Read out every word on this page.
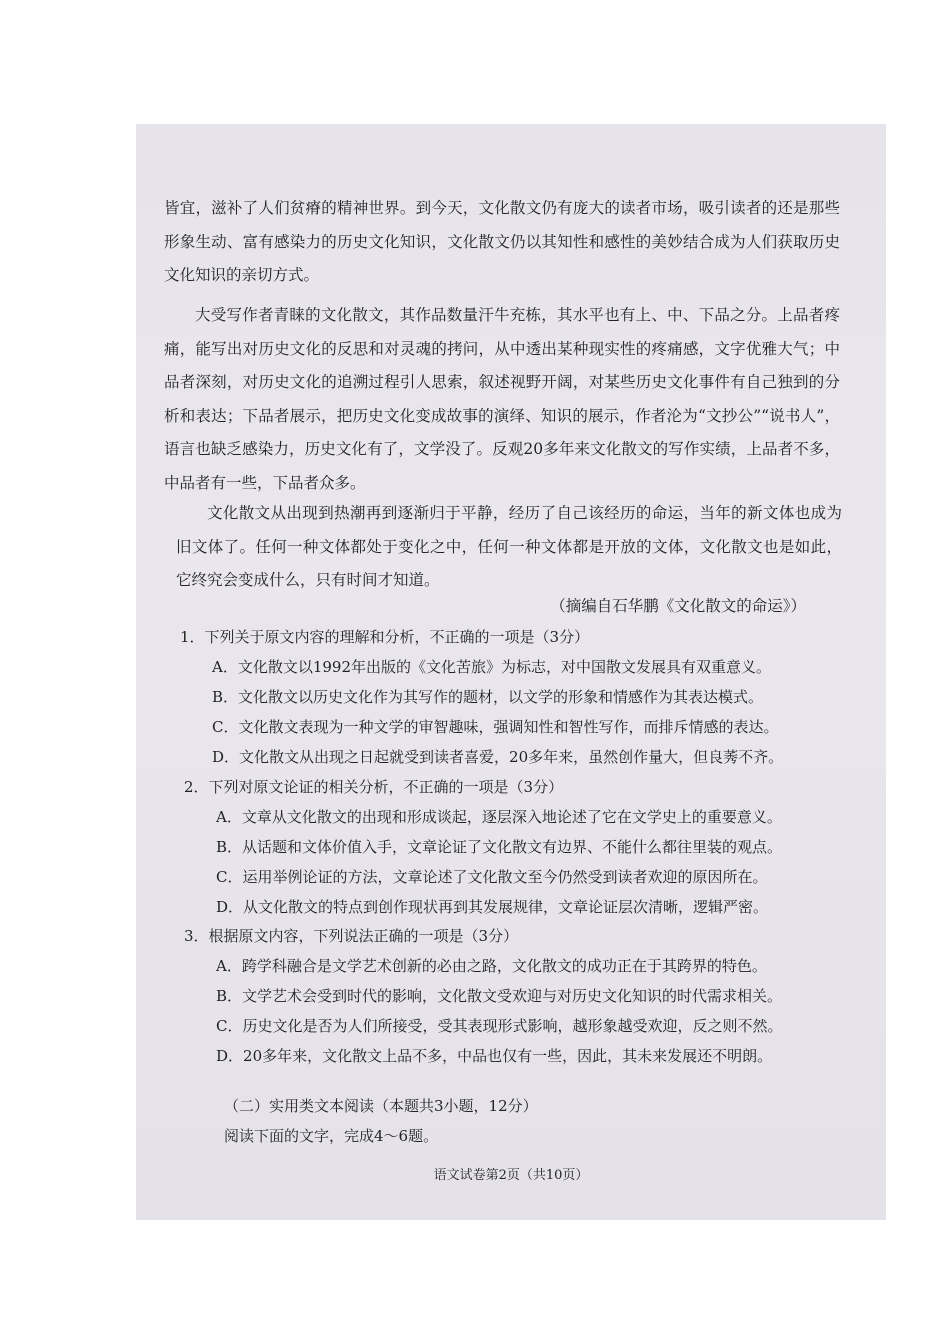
皆宜，滋补了人们贫瘠的精神世界。到今天，文化散文仍有庞大的读者市场，吸引读者的还是那些形象生动、富有感染力的历史文化知识，文化散文仍以其知性和感性的美妙结合成为人们获取历史文化知识的亲切方式。

大受写作者青睐的文化散文，其作品数量汗牛充栋，其水平也有上、中、下品之分。上品者疼痛，能写出对历史文化的反思和对灵魂的拷问，从中透出某种现实性的疼痛感，文字优雅大气；中品者深刻，对历史文化的追溯过程引人思索，叙述视野开阔，对某些历史文化事件有自己独到的分析和表达；下品者展示，把历史文化变成故事的演绎、知识的展示，作者沦为“文抄公”“说书人”，语言也缺乏感染力，历史文化有了，文学没了。反观20多年来文化散文的写作实绩，上品者不多，中品者有一些，下品者众多。

文化散文从出现到热潮再到逐渐归于平静，经历了自己该经历的命运，当年的新文体也成为旧文体了。任何一种文体都处于变化之中，任何一种文体都是开放的文体，文化散文也是如此，它终究会变成什么，只有时间才知道。

（摘编自石华鹏《文化散文的命运》）

1．下列关于原文内容的理解和分析，不正确的一项是（3分）

A．文化散文以1992年出版的《文化苦旅》为标志，对中国散文发展具有双重意义。

B．文化散文以历史文化作为其写作的题材，以文学的形象和情感作为其表达模式。

C．文化散文表现为一种文学的审智趣味，强调知性和智性写作，而排斥情感的表达。

D．文化散文从出现之日起就受到读者喜爱，20多年来，虽然创作量大，但良莠不齐。

2．下列对原文论证的相关分析，不正确的一项是（3分）

A．文章从文化散文的出现和形成谈起，逐层深入地论述了它在文学史上的重要意义。

B．从话题和文体价值入手，文章论证了文化散文有边界、不能什么都往里装的观点。

C．运用举例论证的方法，文章论述了文化散文至今仍然受到读者欢迎的原因所在。

D．从文化散文的特点到创作现状再到其发展规律，文章论证层次清晰，逻辑严密。

3．根据原文内容，下列说法正确的一项是（3分）

A．跨学科融合是文学艺术创新的必由之路，文化散文的成功正在于其跨界的特色。

B．文学艺术会受到时代的影响，文化散文受欢迎与对历史文化知识的时代需求相关。

C．历史文化是否为人们所接受，受其表现形式影响，越形象越受欢迎，反之则不然。

D．20多年来，文化散文上品不多，中品也仅有一些，因此，其未来发展还不明朗。

（二）实用类文本阅读（本题共3小题，12分）

阅读下面的文字，完成4～6题。

语文试卷第2页（共10页）
